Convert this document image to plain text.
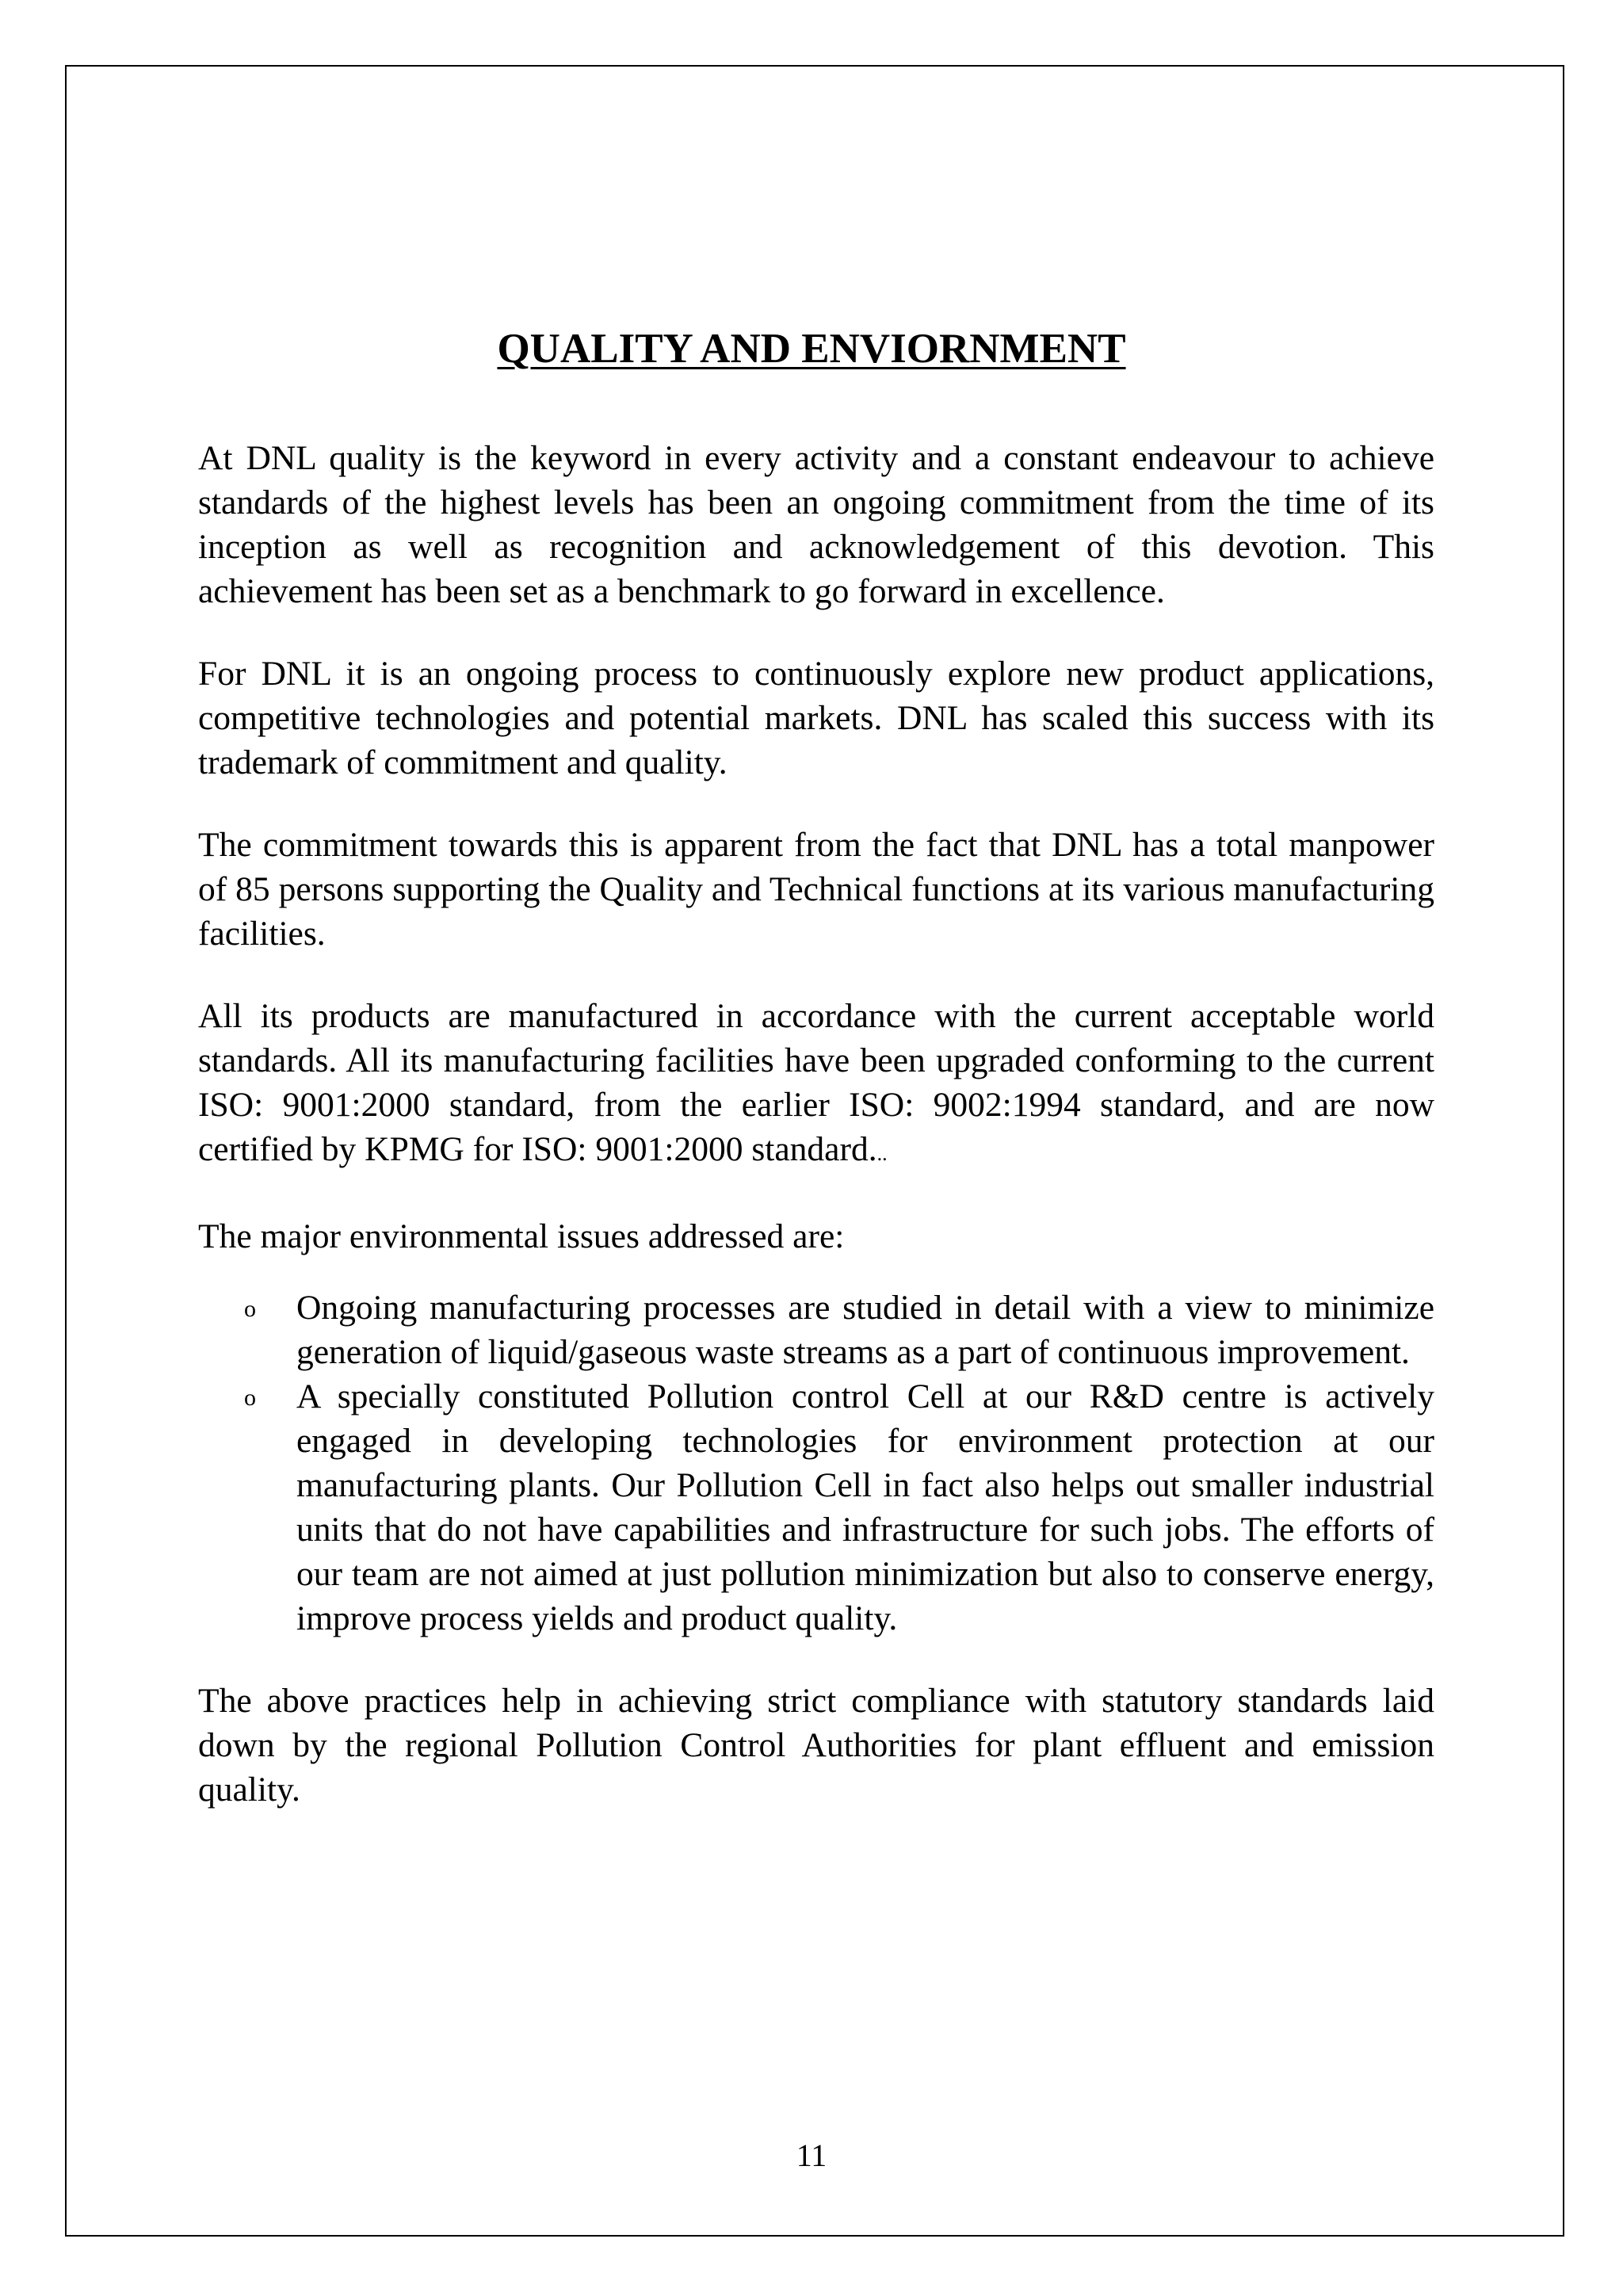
QUALITY AND ENVIORNMENT

At DNL quality is the keyword in every activity and a constant endeavour to achieve standards of the highest levels has been an ongoing commitment from the time of its inception as well as recognition and acknowledgement of this devotion. This achievement has been set as a benchmark to go forward in excellence.

For DNL it is an ongoing process to continuously explore new product applications, competitive technologies and potential markets. DNL has scaled this success with its trademark of commitment and quality.

The commitment towards this is apparent from the fact that DNL has a total manpower of 85 persons supporting the Quality and Technical functions at its various manufacturing facilities.

All its products are manufactured in accordance with the current acceptable world standards. All its manufacturing facilities have been upgraded conforming to the current ISO: 9001:2000 standard, from the earlier ISO: 9002:1994 standard, and are now certified by KPMG for ISO: 9001:2000 standard...

The major environmental issues addressed are:

o Ongoing manufacturing processes are studied in detail with a view to minimize generation of liquid/gaseous waste streams as a part of continuous improvement.
o A specially constituted Pollution control Cell at our R&D centre is actively engaged in developing technologies for environment protection at our manufacturing plants. Our Pollution Cell in fact also helps out smaller industrial units that do not have capabilities and infrastructure for such jobs. The efforts of our team are not aimed at just pollution minimization but also to conserve energy, improve process yields and product quality.

The above practices help in achieving strict compliance with statutory standards laid down by the regional Pollution Control Authorities for plant effluent and emission quality.

11
